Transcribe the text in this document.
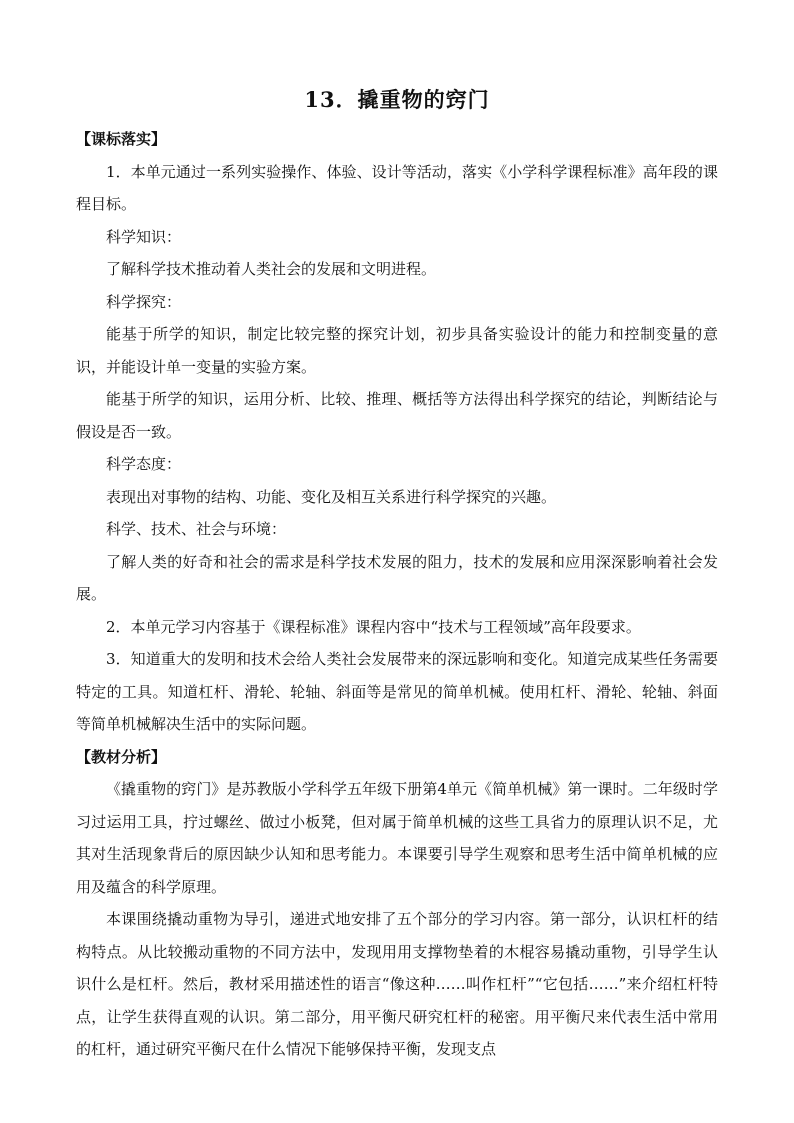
13．撬重物的窍门

【课标落实】

1．本单元通过一系列实验操作、体验、设计等活动，落实《小学科学课程标准》高年段的课程目标。

科学知识：

了解科学技术推动着人类社会的发展和文明进程。

科学探究：

能基于所学的知识，制定比较完整的探究计划，初步具备实验设计的能力和控制变量的意识，并能设计单一变量的实验方案。

能基于所学的知识，运用分析、比较、推理、概括等方法得出科学探究的结论，判断结论与假设是否一致。

科学态度：

表现出对事物的结构、功能、变化及相互关系进行科学探究的兴趣。

科学、技术、社会与环境：

了解人类的好奇和社会的需求是科学技术发展的阻力，技术的发展和应用深深影响着社会发展。

2．本单元学习内容基于《课程标准》课程内容中“技术与工程领域”高年段要求。

3．知道重大的发明和技术会给人类社会发展带来的深远影响和变化。知道完成某些任务需要特定的工具。知道杠杆、滑轮、轮轴、斜面等是常见的简单机械。使用杠杆、滑轮、轮轴、斜面等简单机械解决生活中的实际问题。

【教材分析】

《撬重物的窍门》是苏教版小学科学五年级下册第4单元《简单机械》第一课时。二年级时学习过运用工具，拧过螺丝、做过小板凳，但对属于简单机械的这些工具省力的原理认识不足，尤其对生活现象背后的原因缺少认知和思考能力。本课要引导学生观察和思考生活中简单机械的应用及蕴含的科学原理。

本课围绕撬动重物为导引，递进式地安排了五个部分的学习内容。第一部分，认识杠杆的结构特点。从比较搬动重物的不同方法中，发现用用支撑物垫着的木棍容易撬动重物，引导学生认识什么是杠杆。然后，教材采用描述性的语言“像这种……叫作杠杆”“它包括……”来介绍杠杆特点，让学生获得直观的认识。第二部分，用平衡尺研究杠杆的秘密。用平衡尺来代表生活中常用的杠杆，通过研究平衡尺在什么情况下能够保持平衡，发现支点
